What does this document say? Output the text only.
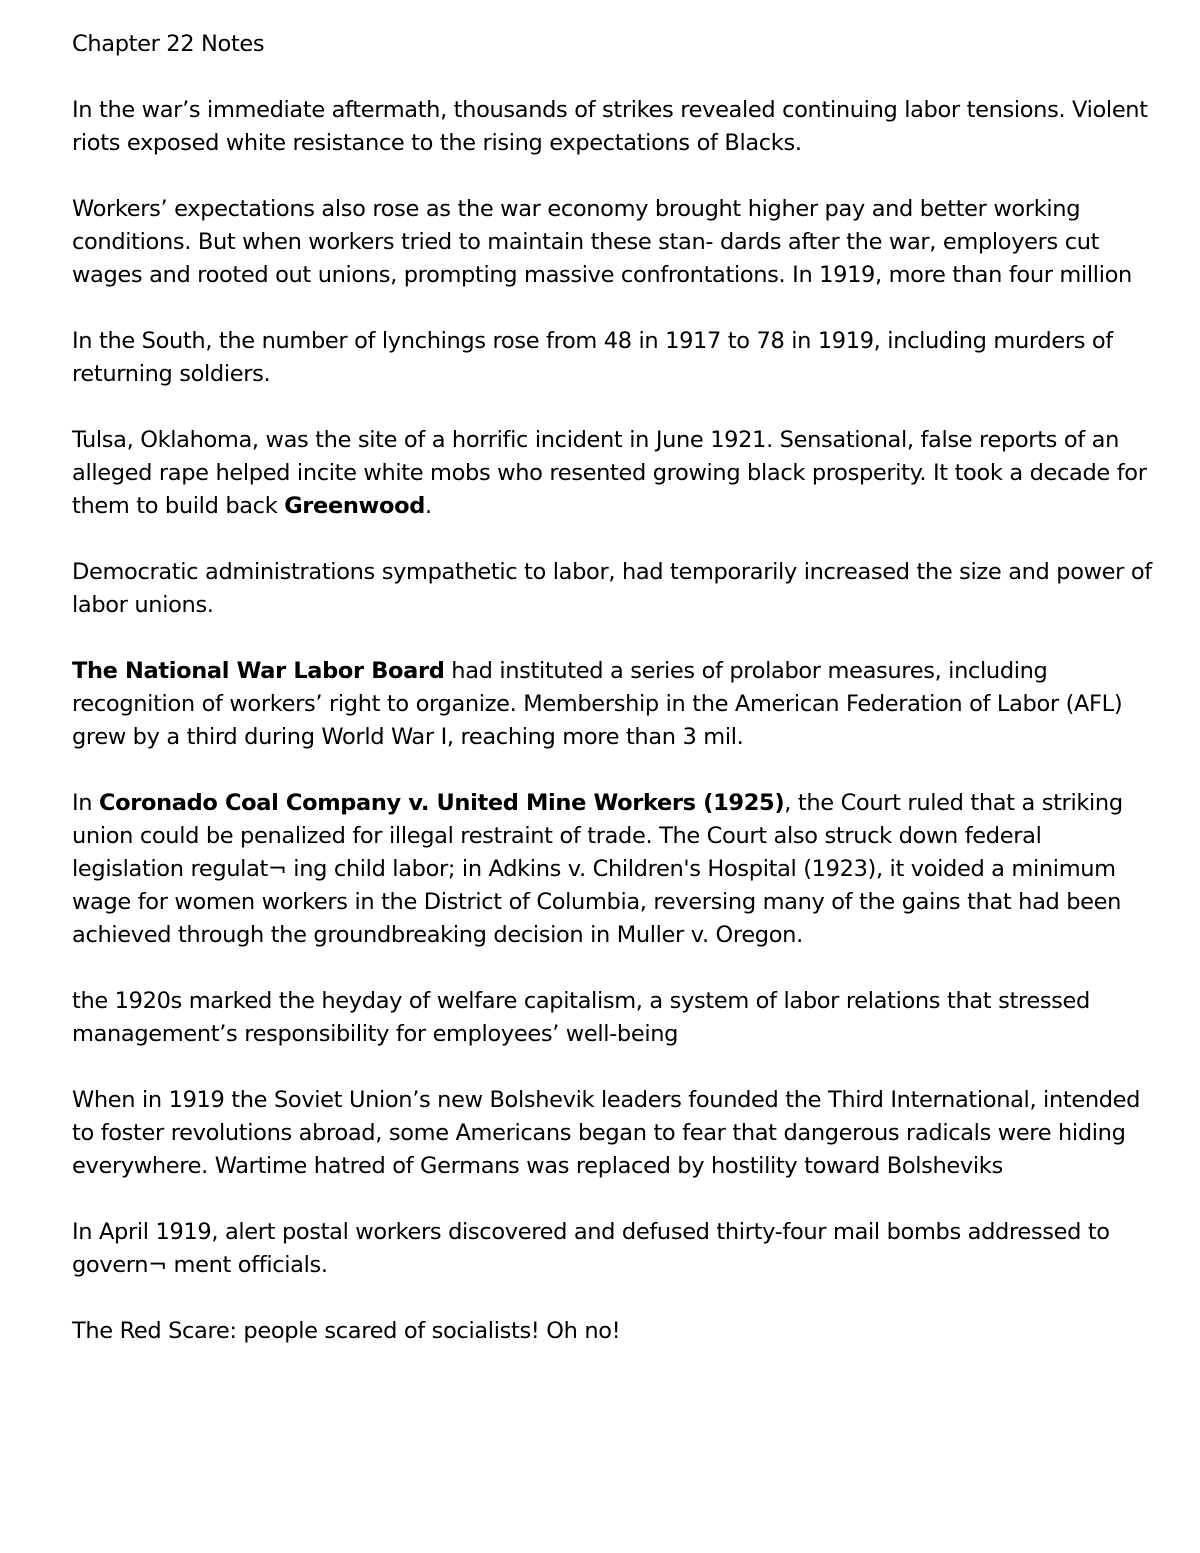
Chapter 22 Notes
In the war’s immediate aftermath, thousands of strikes revealed continuing labor tensions. Violent riots exposed white resistance to the rising expectations of Blacks.
Workers’ expectations also rose as the war economy brought higher pay and better working conditions. But when workers tried to maintain these stan- dards after the war, employers cut wages and rooted out unions, prompting massive confrontations. In 1919, more than four million
In the South, the number of lynchings rose from 48 in 1917 to 78 in 1919, including murders of returning soldiers.
Tulsa, Oklahoma, was the site of a horrific incident in June 1921. Sensational, false reports of an alleged rape helped incite white mobs who resented growing black prosperity. It took a decade for them to build back Greenwood.
Democratic administrations sympathetic to labor, had temporarily increased the size and power of labor unions.
The National War Labor Board had instituted a series of prolabor measures, including recognition of workers’ right to organize. Membership in the American Federation of Labor (AFL) grew by a third during World War I, reaching more than 3 mil.
In Coronado Coal Company v. United Mine Workers (1925), the Court ruled that a striking union could be penalized for illegal restraint of trade. The Court also struck down federal legislation regulat¬ ing child labor; in Adkins v. Children's Hospital (1923), it voided a minimum wage for women workers in the District of Columbia, reversing many of the gains that had been achieved through the groundbreaking decision in Muller v. Oregon.
the 1920s marked the heyday of welfare capitalism, a system of labor relations that stressed management’s responsibility for employees’ well-being
When in 1919 the Soviet Union’s new Bolshevik leaders founded the Third International, intended to foster revolutions abroad, some Americans began to fear that dangerous radicals were hiding everywhere. Wartime hatred of Germans was replaced by hostility toward Bolsheviks
In April 1919, alert postal workers discovered and defused thirty-four mail bombs addressed to govern¬ ment officials.
The Red Scare: people scared of socialists! Oh no!
